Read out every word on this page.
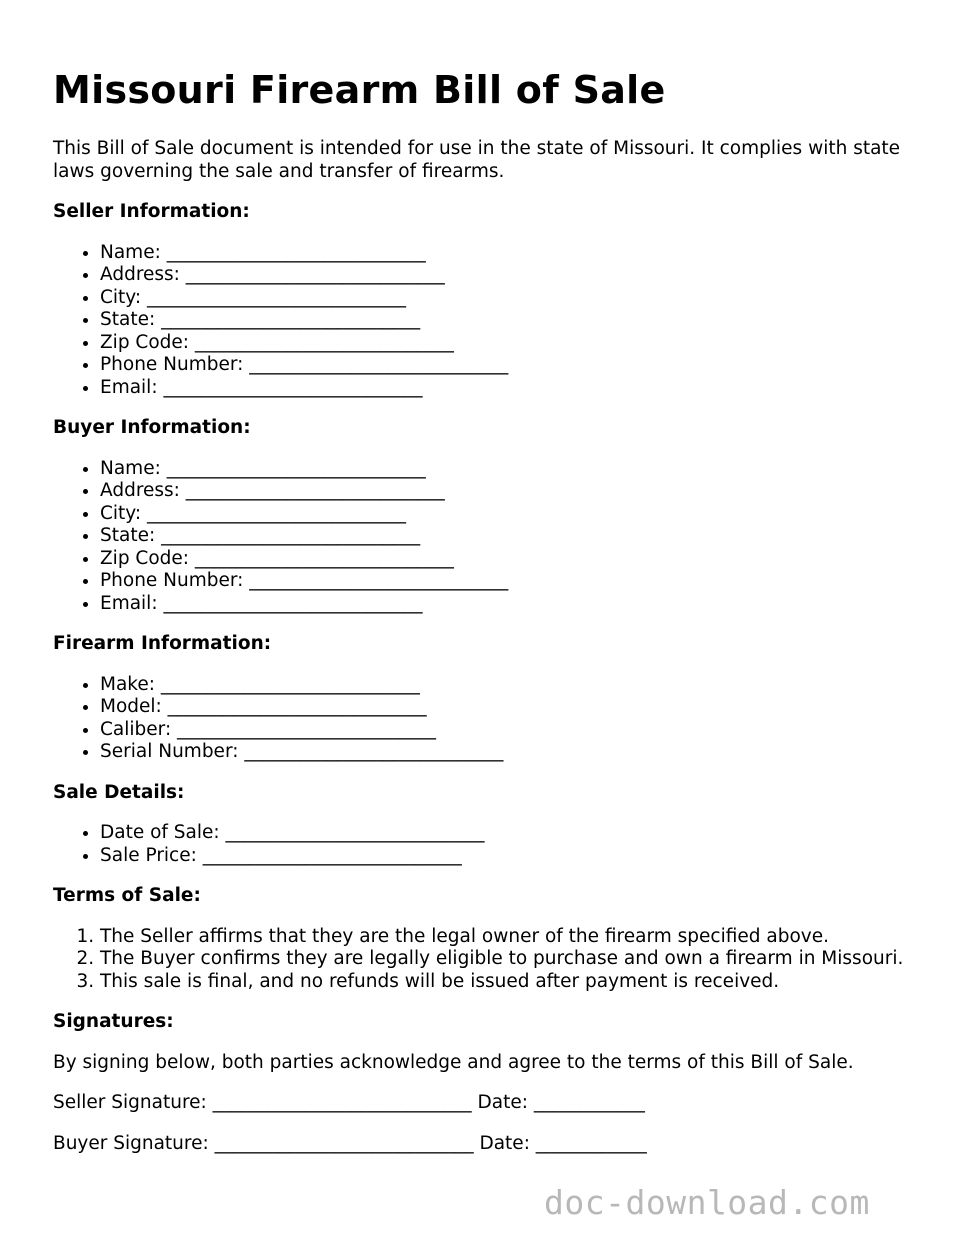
Missouri Firearm Bill of Sale

This Bill of Sale document is intended for use in the state of Missouri. It complies with state laws governing the sale and transfer of firearms.

Seller Information:
• Name: ____________________________
• Address: ____________________________
• City: ____________________________
• State: ____________________________
• Zip Code: ____________________________
• Phone Number: ____________________________
• Email: ____________________________
Buyer Information:
• Name: ____________________________
• Address: ____________________________
• City: ____________________________
• State: ____________________________
• Zip Code: ____________________________
• Phone Number: ____________________________
• Email: ____________________________
Firearm Information:
• Make: ____________________________
• Model: ____________________________
• Caliber: ____________________________
• Serial Number: ____________________________
Sale Details:
• Date of Sale: ____________________________
• Sale Price: ____________________________
Terms of Sale:
1. The Seller affirms that they are the legal owner of the firearm specified above.
2. The Buyer confirms they are legally eligible to purchase and own a firearm in Missouri.
3. This sale is final, and no refunds will be issued after payment is received.
Signatures:

By signing below, both parties acknowledge and agree to the terms of this Bill of Sale.

Seller Signature: ____________________________ Date: ____________
Buyer Signature: ____________________________ Date: ____________
doc-download.com
